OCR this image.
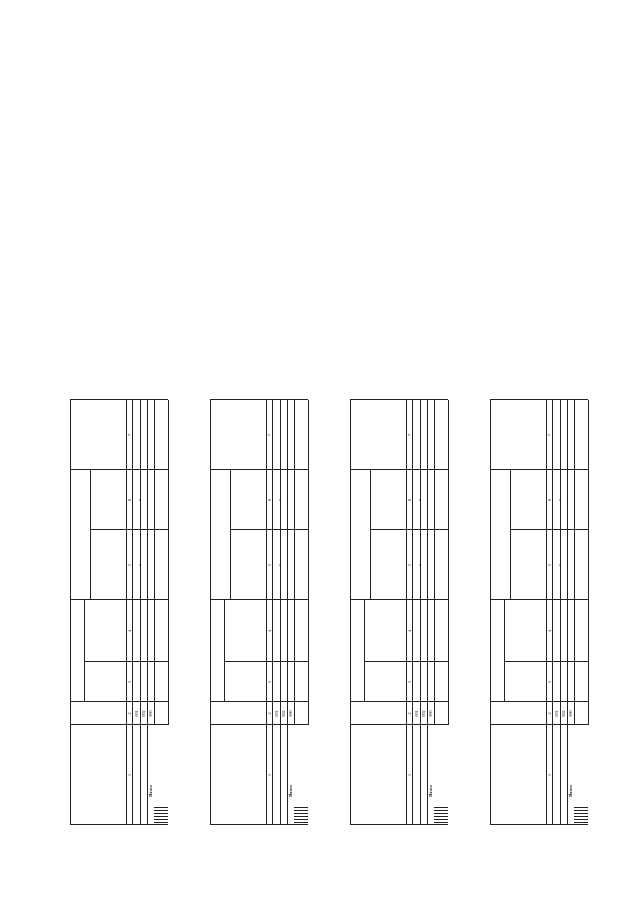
1
2
3
4
5
6
7
001 002
x
x
Итого
900
1
2
3
4
5
6
7
001 002
x
x
Итого
900
1
2
3
4
5
6
7
001 002
x
x
Итого
900
1
2
3
4
5
6
7
001 002
x
x
Итого
900
